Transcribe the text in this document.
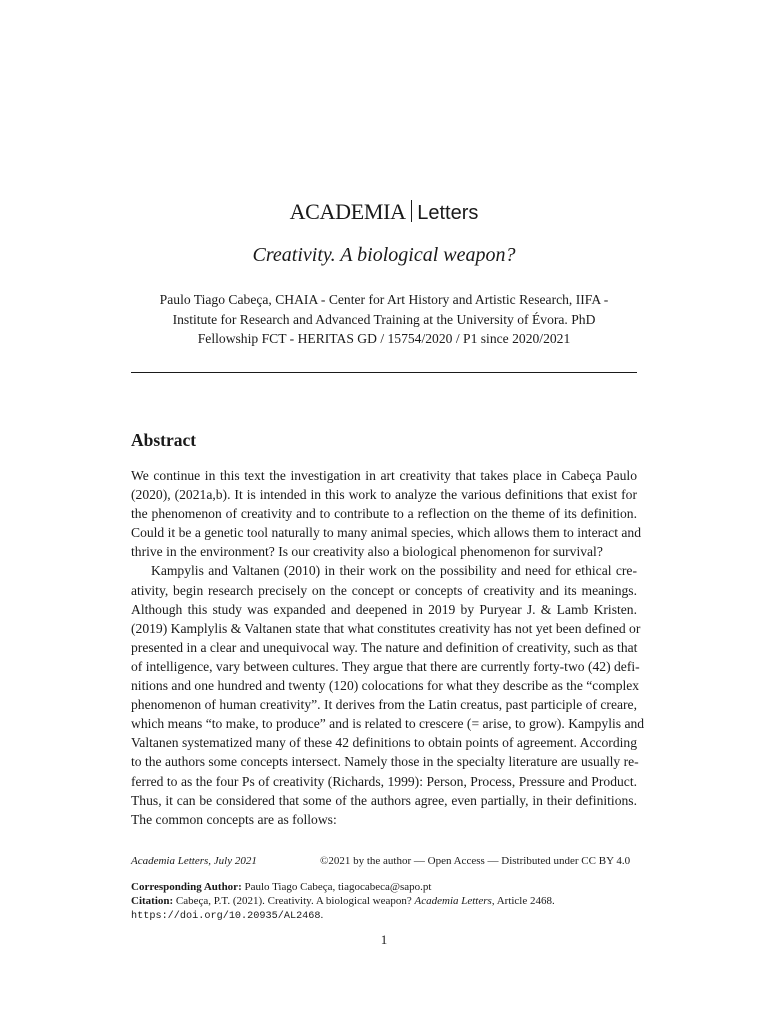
ACADEMIA Letters
Creativity. A biological weapon?
Paulo Tiago Cabeça, CHAIA - Center for Art History and Artistic Research, IIFA -
Institute for Research and Advanced Training at the University of Évora. PhD
Fellowship FCT - HERITAS GD / 15754/2020 / P1 since 2020/2021
Abstract
We continue in this text the investigation in art creativity that takes place in Cabeça Paulo
(2020), (2021a,b). It is intended in this work to analyze the various definitions that exist for
the phenomenon of creativity and to contribute to a reflection on the theme of its definition.
Could it be a genetic tool naturally to many animal species, which allows them to interact and
thrive in the environment? Is our creativity also a biological phenomenon for survival?
Kampylis and Valtanen (2010) in their work on the possibility and need for ethical cre-
ativity, begin research precisely on the concept or concepts of creativity and its meanings.
Although this study was expanded and deepened in 2019 by Puryear J. & Lamb Kristen.
(2019) Kamplylis & Valtanen state that what constitutes creativity has not yet been defined or
presented in a clear and unequivocal way. The nature and definition of creativity, such as that
of intelligence, vary between cultures. They argue that there are currently forty-two (42) defi-
nitions and one hundred and twenty (120) colocations for what they describe as the “complex
phenomenon of human creativity”. It derives from the Latin creatus, past participle of creare,
which means “to make, to produce” and is related to crescere (= arise, to grow). Kampylis and
Valtanen systematized many of these 42 definitions to obtain points of agreement. According
to the authors some concepts intersect. Namely those in the specialty literature are usually re-
ferred to as the four Ps of creativity (Richards, 1999): Person, Process, Pressure and Product.
Thus, it can be considered that some of the authors agree, even partially, in their definitions.
The common concepts are as follows:
Academia Letters, July 2021	©2021 by the author — Open Access — Distributed under CC BY 4.0
Corresponding Author: Paulo Tiago Cabeça, tiagocabeca@sapo.pt
Citation: Cabeça, P.T. (2021). Creativity. A biological weapon? Academia Letters, Article 2468.
https://doi.org/10.20935/AL2468.
1
